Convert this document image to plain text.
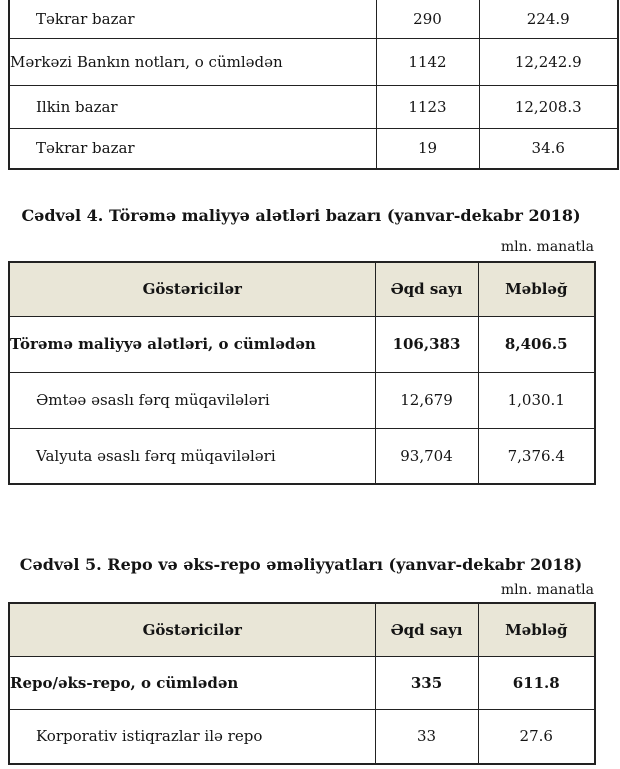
Təkrar bazar	290	224.9
Mərkəzi Bankın notları, o cümlədən	1142	12,242.9
Ilkin bazar	1123	12,208.3
Təkrar bazar	19	34.6
Cədvəl 4. Törəmə maliyyə alətləri bazarı (yanvar-dekabr 2018)
mln. manatla
Göstəricilər	Əqd sayı	Məbləğ
Törəmə maliyyə alətləri, o cümlədən	106,383	8,406.5
Əmtəə əsaslı fərq müqavilələri	12,679	1,030.1
Valyuta əsaslı fərq müqavilələri	93,704	7,376.4
Cədvəl 5. Repo və əks-repo əməliyyatları (yanvar-dekabr 2018)
mln. manatla
Göstəricilər	Əqd sayı	Məbləğ
Repo/əks-repo, o cümlədən	335	611.8
Korporativ istiqrazlar ilə repo	33	27.6
